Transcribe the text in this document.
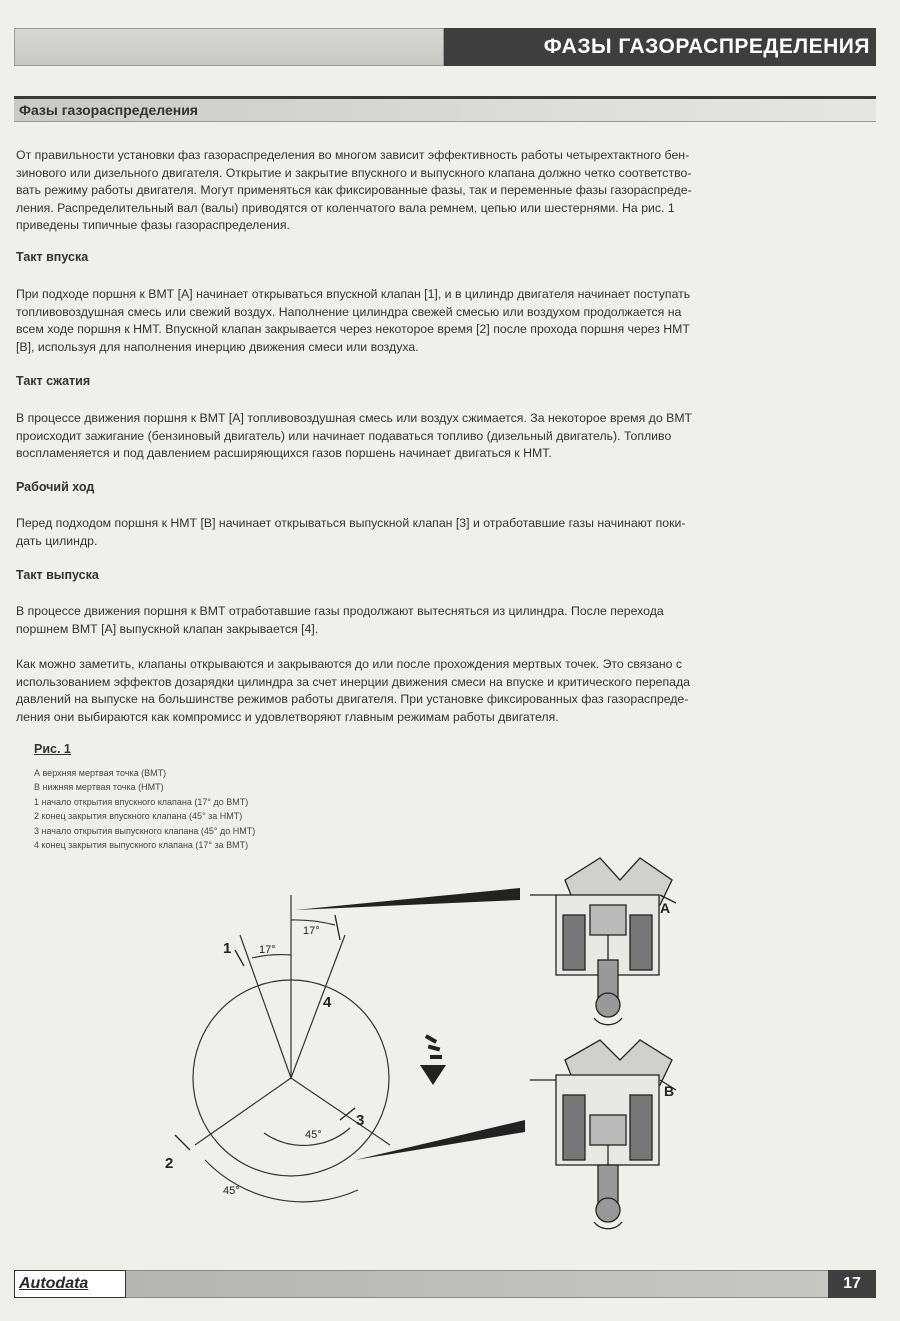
ФАЗЫ ГАЗОРАСПРЕДЕЛЕНИЯ
Фазы газораспределения
От правильности установки фаз газораспределения во многом зависит эффективность работы четырехтактного бен-
зинового или дизельного двигателя. Открытие и закрытие впускного и выпускного клапана должно четко соответство-
вать режиму работы двигателя. Могут применяться как фиксированные фазы, так и переменные фазы газораспреде-
ления. Распределительный вал (валы) приводятся от коленчатого вала ремнем, цепью или шестернями. На рис. 1
приведены типичные фазы газораспределения.
Такт впуска
При подходе поршня к ВМТ [А] начинает открываться впускной клапан [1], и в цилиндр двигателя начинает поступать
топливовоздушная смесь или свежий воздух. Наполнение цилиндра свежей смесью или воздухом продолжается на
всем ходе поршня к НМТ. Впускной клапан закрывается через некоторое время [2] после прохода поршня через НМТ
[В], используя для наполнения инерцию движения смеси или воздуха.
Такт сжатия
В процессе движения поршня к ВМТ [А] топливовоздушная смесь или воздух сжимается. За некоторое время до ВМТ
происходит зажигание (бензиновый двигатель) или начинает подаваться топливо (дизельный двигатель). Топливо
воспламеняется и под давлением расширяющихся газов поршень начинает двигаться к НМТ.
Рабочий ход
Перед подходом поршня к НМТ [В] начинает открываться выпускной клапан [3] и отработавшие газы начинают поки-
дать цилиндр.
Такт выпуска
В процессе движения поршня к ВМТ отработавшие газы продолжают вытесняться из цилиндра. После перехода
поршнем ВМТ [А] выпускной клапан закрывается [4].
Как можно заметить, клапаны открываются и закрываются до или после прохождения мертвых точек. Это связано с
использованием эффектов дозарядки цилиндра за счет инерции движения смеси на впуске и критического перепада
давлений на выпуске на большинстве режимов работы двигателя. При установке фиксированных фаз газораспреде-
ления они выбираются как компромисс и удовлетворяют главным режимам работы двигателя.
Рис. 1
А верхняя мертвая точка (ВМТ)
В нижняя мертвая точка (НМТ)
1 начало открытия впускного клапана (17° до ВМТ)
2 конец закрытия впускного клапана (45° за НМТ)
3 начало открытия выпускного клапана (45° до НМТ)
4 конец закрытия выпускного клапана (17° за ВМТ)
1
2
3
4
A
B
17°
17°
45°
45°
Autodata	17
